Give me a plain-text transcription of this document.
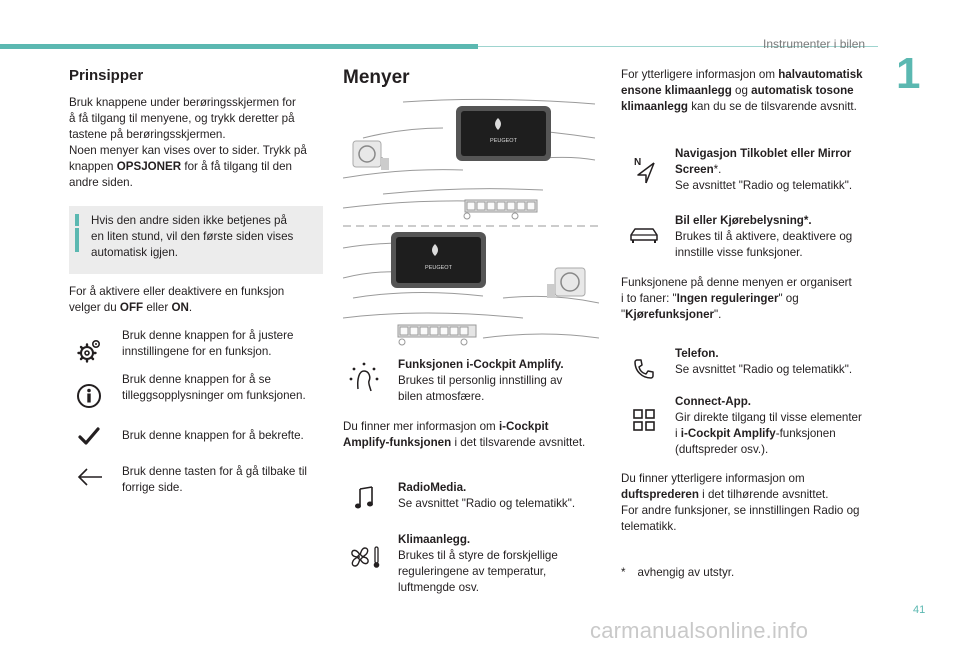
Instrumenter i bilen
1
Prinsipper
Bruk knappene under berøringsskjermen for
å få tilgang til menyene, og trykk deretter på
tastene på berøringsskjermen.
Noen menyer kan vises over to sider. Trykk på
knappen OPSJONER for å få tilgang til den
andre siden.
Hvis den andre siden ikke betjenes på
en liten stund, vil den første siden vises
automatisk igjen.
For å aktivere eller deaktivere en funksjon
velger du OFF eller ON.
Bruk denne knappen for å justere
innstillingene for en funksjon.
Bruk denne knappen for å se
tilleggsopplysninger om funksjonen.
Bruk denne knappen for å bekrefte.
Bruk denne tasten for å gå tilbake til
forrige side.
Menyer
PEUGEOT
PEUGEOT
Funksjonen i-Cockpit Amplify.
Brukes til personlig innstilling av
bilen atmosfære.
Du finner mer informasjon om i-Cockpit
Amplify-funksjonen i det tilsvarende avsnittet.
RadioMedia.
Se avsnittet "Radio og telematikk".
Klimaanlegg.
Brukes til å styre de forskjellige
reguleringene av temperatur,
luftmengde osv.
For ytterligere informasjon om halvautomatisk
ensone klimaanlegg og automatisk tosone
klimaanlegg kan du se de tilsvarende avsnitt.
N
Navigasjon Tilkoblet eller Mirror
Screen*.
Se avsnittet "Radio og telematikk".
Bil eller Kjørebelysning*.
Brukes til å aktivere, deaktivere og
innstille visse funksjoner.
Funksjonene på denne menyen er organisert
i to faner: "Ingen reguleringer" og
"Kjørefunksjoner".
Telefon.
Se avsnittet "Radio og telematikk".
Connect-App.
Gir direkte tilgang til visse elementer
i i-Cockpit Amplify-funksjonen
(duftspreder osv.).
Du finner ytterligere informasjon om
duftsprederen i det tilhørende avsnittet.
For andre funksjoner, se innstillingen Radio og
telematikk.
* avhengig av utstyr.
41
carmanualsonline.info
